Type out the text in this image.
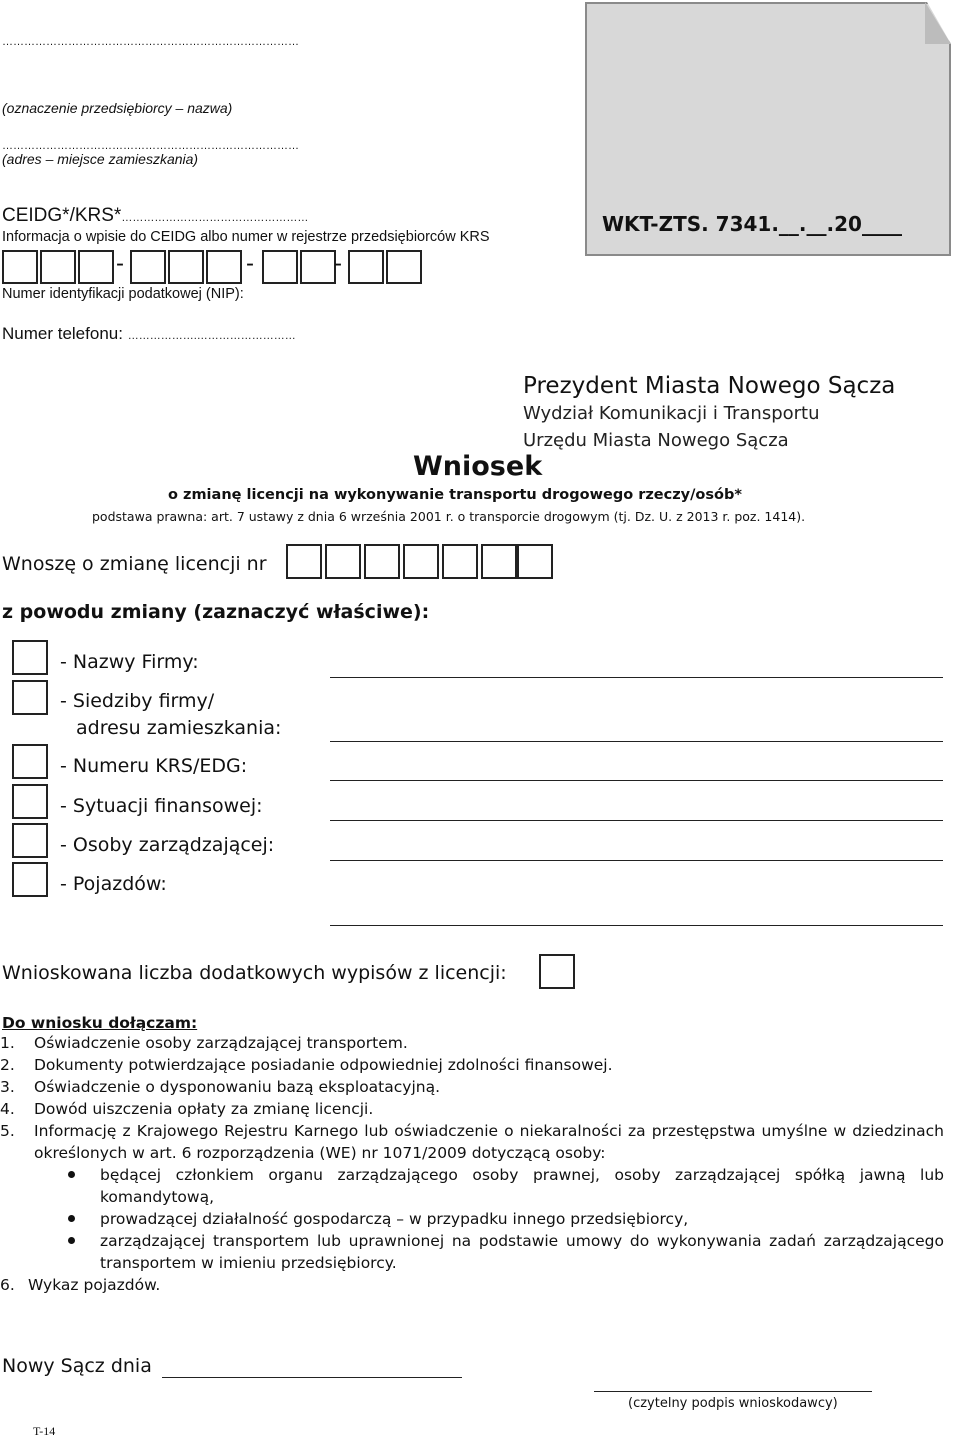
………………………………………………………………………
(oznaczenie przedsiębiorcy – nazwa)
………………………………………………………………………
(adres – miejsce zamieszkania)
CEIDG*/KRS*……………………………………………
Informacja o wpisie do CEIDG albo numer w rejestrze przedsiębiorców KRS
-	-	-
Numer identyfikacji podatkowej (NIP):
Numer telefonu: ……………….………………………
WKT-ZTS. 7341.__.__.20____
Prezydent Miasta Nowego Sącza
Wydział Komunikacji i Transportu
Urzędu Miasta Nowego Sącza
Wniosek
o zmianę licencji na wykonywanie transportu drogowego rzeczy/osób*
podstawa prawna: art. 7 ustawy z dnia 6 września 2001 r. o transporcie drogowym (tj. Dz. U. z 2013 r. poz. 1414).
Wnoszę o zmianę licencji nr
z powodu zmiany (zaznaczyć właściwe):
- Nazwy Firmy:
- Siedziby firmy/
adresu zamieszkania:
- Numeru KRS/EDG:
- Sytuacji finansowej:
- Osoby zarządzającej:
- Pojazdów:
Wnioskowana liczba dodatkowych wypisów z licencji:
Do wniosku dołączam:
1.	Oświadczenie osoby zarządzającej transportem.
2.	Dokumenty potwierdzające posiadanie odpowiedniej zdolności finansowej.
3.	Oświadczenie o dysponowaniu bazą eksploatacyjną.
4.	Dowód uiszczenia opłaty za zmianę licencji.
5.	Informację z Krajowego Rejestru Karnego lub oświadczenie o niekaralności za przestępstwa umyślne w dziedzinach określonych w art. 6 rozporządzenia (WE) nr 1071/2009 dotyczącą osoby:
będącej członkiem organu zarządzającego osoby prawnej, osoby zarządzającej spółką jawną lub komandytową,
prowadzącej działalność gospodarczą – w przypadku innego przedsiębiorcy,
zarządzającej transportem lub uprawnionej na podstawie umowy do wykonywania zadań zarządzającego transportem w imieniu przedsiębiorcy.
6. Wykaz pojazdów.
Nowy Sącz dnia
(czytelny podpis wnioskodawcy)
T-14
